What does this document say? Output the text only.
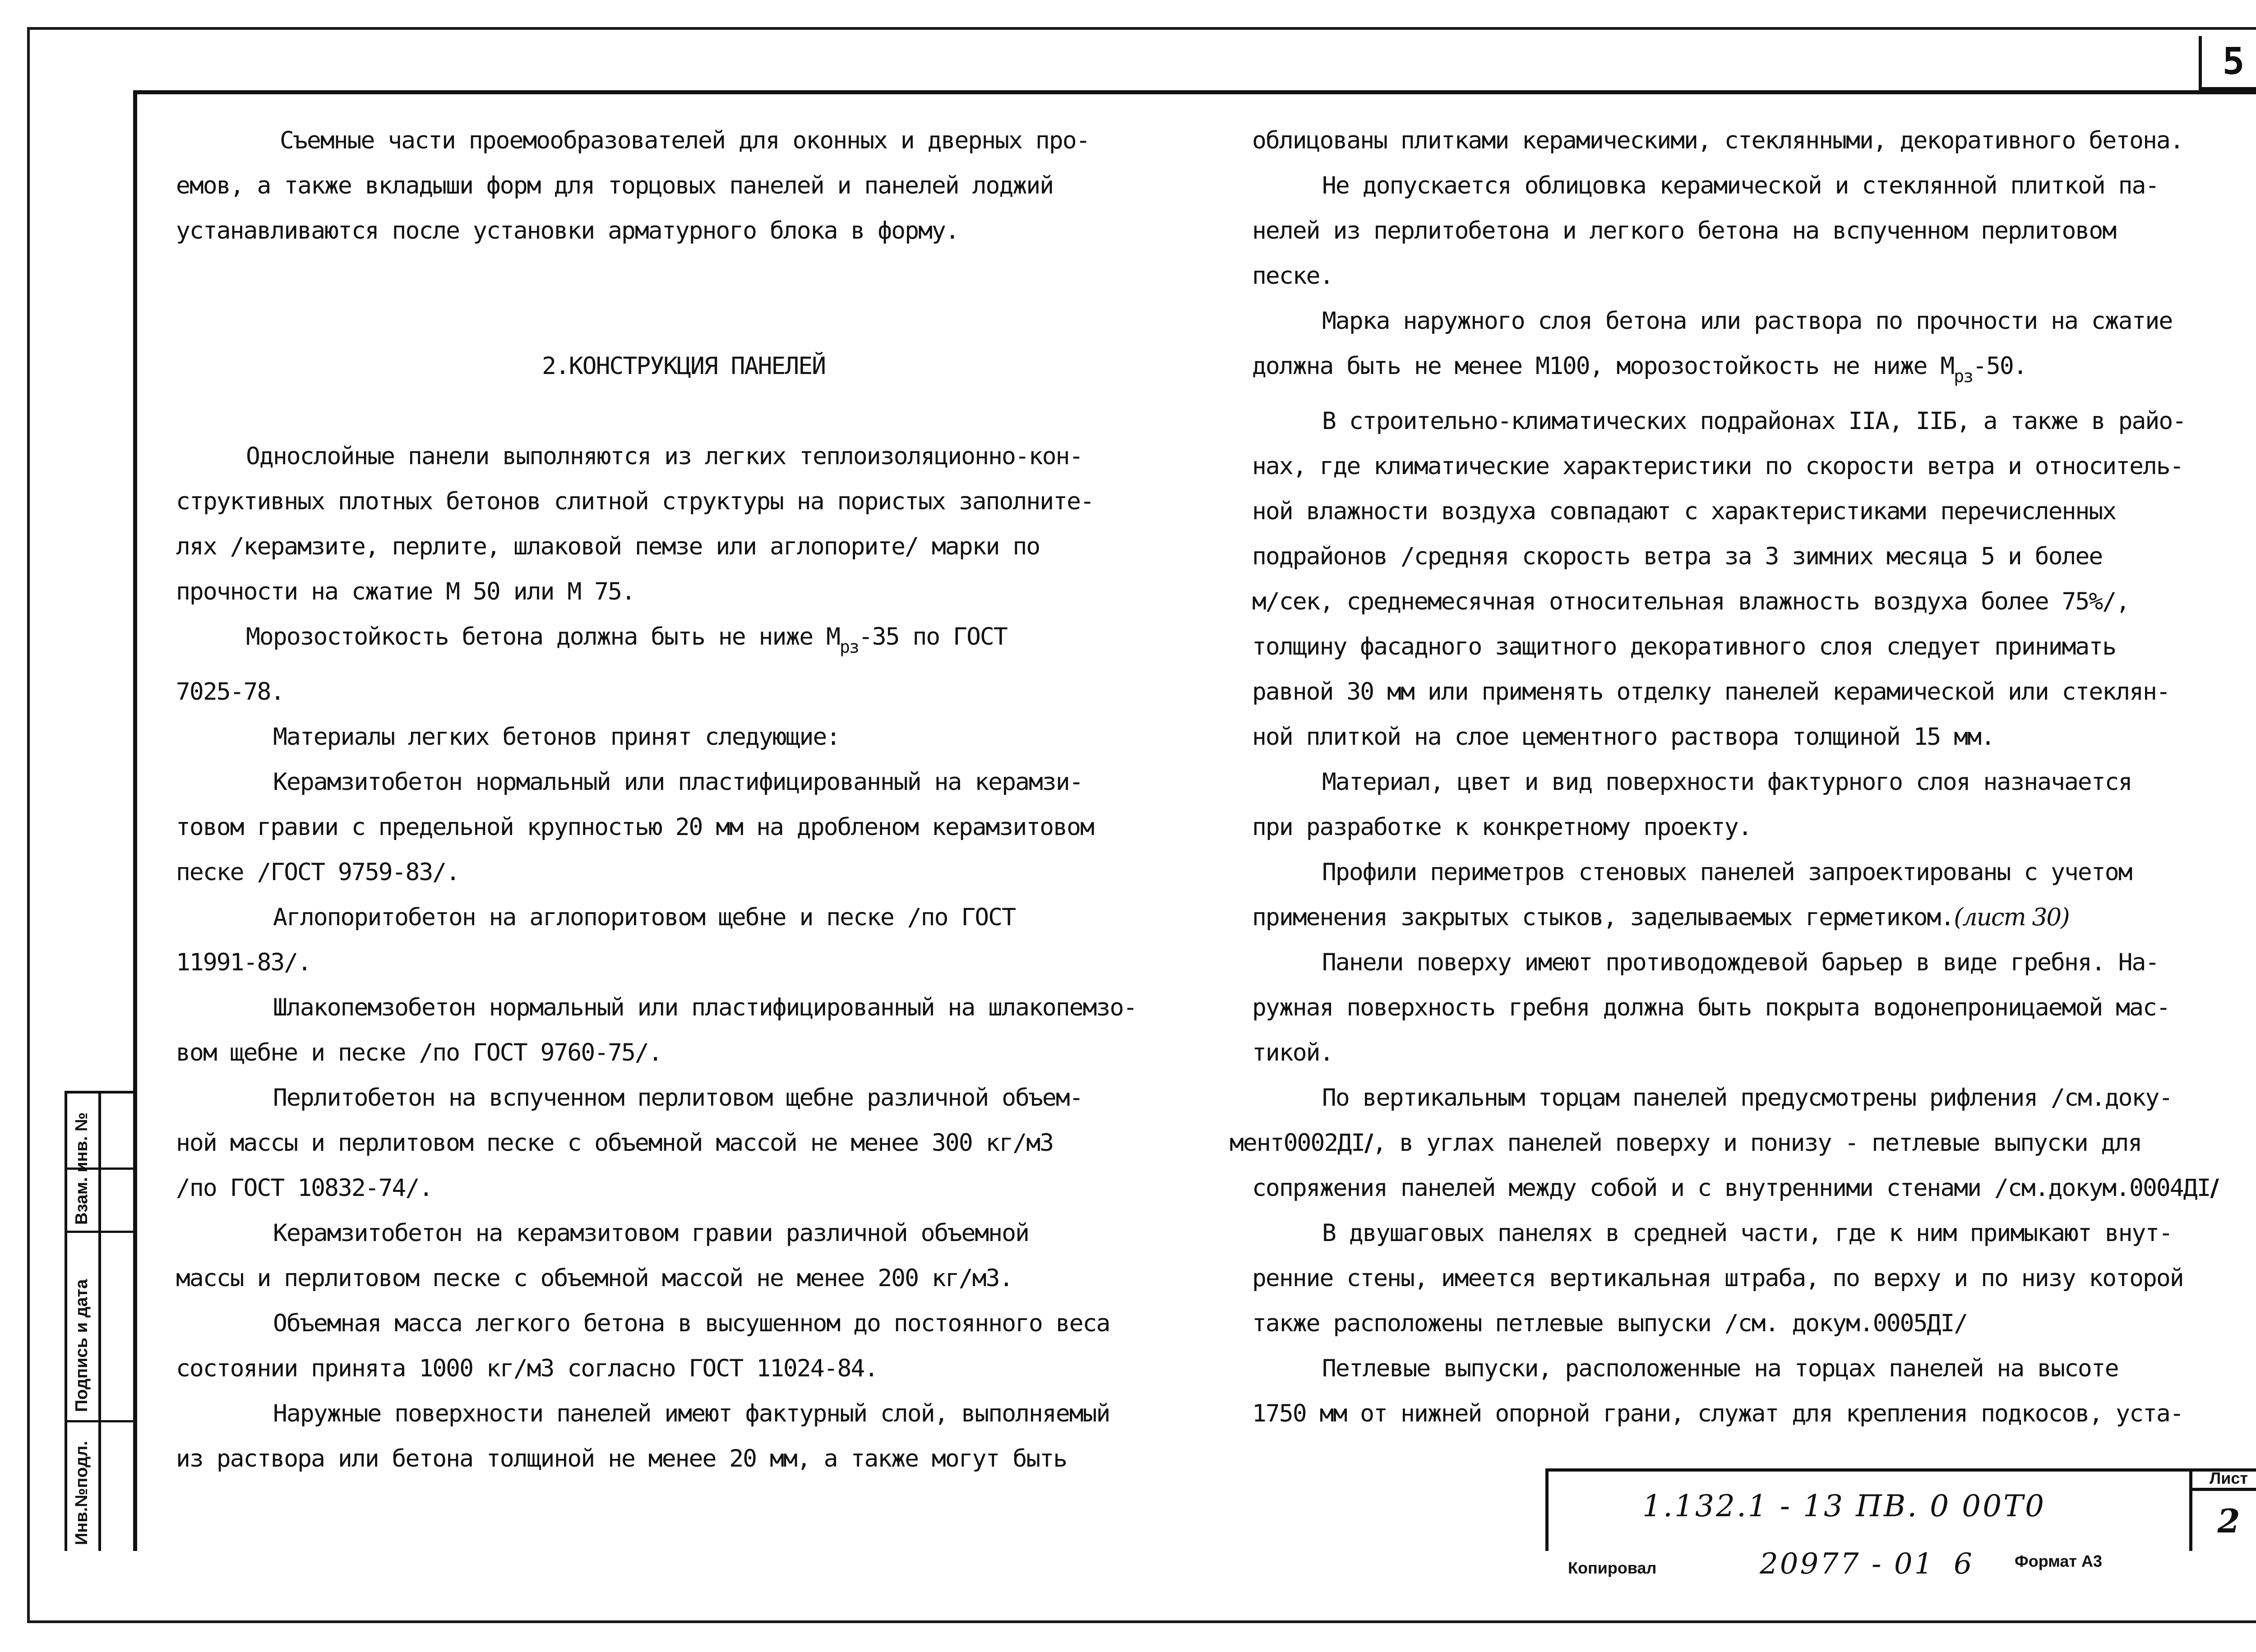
5

Съемные части проемообразователей для оконных и дверных про-

емов, а также вкладыши форм для торцовых панелей и панелей лоджий

устанавливаются после установки арматурного блока в форму.

2.КОНСТРУКЦИЯ ПАНЕЛЕЙ

Однослойные панели выполняются из легких теплоизоляционно-кон-

структивных плотных бетонов слитной структуры на пористых заполните-

лях /керамзите, перлите, шлаковой пемзе или аглопорите/ марки по

прочности на сжатие М 50 или М 75.

Морозостойкость бетона должна быть не ниже $М_{рз}-35$ по ГОСТ

7025-78.

Материалы легких бетонов принят следующие:

Керамзитобетон нормальный или пластифицированный на керамзи-

товом гравии с предельной крупностью 20 мм на дробленом керамзитовом

песке /ГОСТ 9759-83/.

Аглопоритобетон на аглопоритовом щебне и песке /по ГОСТ

11991-83/.

Шлакопемзобетон нормальный или пластифицированный на шлакопемзо-

вом щебне и песке /по ГОСТ 9760-75/.

Перлитобетон на вспученном перлитовом щебне различной объем-

ной массы и перлитовом песке с объемной массой не менее 300 кг/м3

/по ГОСТ 10832-74/.

Керамзитобетон на керамзитовом гравии различной объемной

массы и перлитовом песке с объемной массой не менее 200 кг/м3.

Объемная масса легкого бетона в высушенном до постоянного веса

состоянии принята 1000 кг/м3 согласно ГОСТ 11024-84.

Наружные поверхности панелей имеют фактурный слой, выполняемый

из раствора или бетона толщиной не менее 20 мм, а также могут быть

облицованы плитками керамическими, стеклянными, декоративного бетона.

Не допускается облицовка керамической и стеклянной плиткой па-

нелей из перлитобетона и легкого бетона на вспученном перлитовом

песке.

Марка наружного слоя бетона или раствора по прочности на сжатие

должна быть не менее М100, морозостойкость не ниже $М_{рз}-50$.

В строительно-климатических подрайонах IIА, IIБ, а также в райо-

нах, где климатические характеристики по скорости ветра и относитель-

ной влажности воздуха совпадают с характеристиками перечисленных

подрайонов /средняя скорость ветра за 3 зимних месяца 5 и более

м/сек, среднемесячная относительная влажность воздуха более 75%/,

толщину фасадного защитного декоративного слоя следует принимать

равной 30 мм или применять отделку панелей керамической или стеклян-

ной плиткой на слое цементного раствора толщиной 15 мм.

Материал, цвет и вид поверхности фактурного слоя назначается

при разработке к конкретному проекту.

Профили периметров стеновых панелей запроектированы с учетом

применения закрытых стыков, заделываемых герметиком.(лист 30)

Панели поверху имеют противодождевой барьер в виде гребня. На-

ружная поверхность гребня должна быть покрыта водонепроницаемой мас-

тикой.

По вертикальным торцам панелей предусмотрены рифления /см.доку-

мент0002ДI/, в углах панелей поверху и понизу - петлевые выпуски для

сопряжения панелей между собой и с внутренними стенами /см.докум.0004ДI/

В двушаговых панелях в средней части, где к ним примыкают внут-

ренние стены, имеется вертикальная штраба, по верху и по низу которой

также расположены петлевые выпуски /см. докум.0005ДI/

Петлевые выпуски, расположенные на торцах панелей на высоте

1750 мм от нижней опорной грани, служат для крепления подкосов, уста-

1.132.1 - 13 ПВ. 0 00Т0
Лист
2
Копировал	20977 - 01 6	Формат А3
Инв.№подл.
Подпись и дата
Взам. инв. №
